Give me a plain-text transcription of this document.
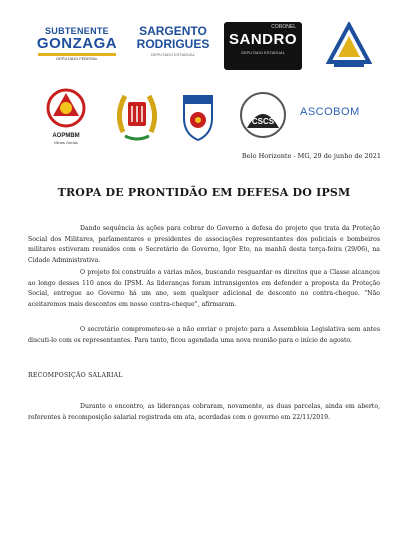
SUBTENENTE
GONZAGA
DEPUTADO FEDERAL
SARGENTO
RODRIGUES
DEPUTADO ESTADUAL
CORONEL
SANDRO
DEPUTADO ESTADUAL
AOPMBM
Minas Gerais
CSCS
ASCOBOM
Belo Horizonte - MG, 29 de junho de 2021
TROPA DE PRONTIDÃO EM DEFESA DO IPSM

Dando sequência às ações para cobrar do Governo a defesa do projeto que trata da Proteção Social dos Militares, parlamentares e presidentes de associações representantes dos policiais e bombeiros militares estiveram reunidos com o Secretário de Governo, Igor Eto, na manhã desta terça-feira (29/06), na Cidade Administrativa.

O projeto foi construído a várias mãos, buscando resguardar os direitos que a Classe alcançou ao longo desses 110 anos do IPSM. As lideranças foram intransigentes em defender a proposta da Proteção Social, entregue ao Governo há um ano, sem qualquer adicional de desconto no contra-cheque. "Não aceitaremos mais descontos em nosso contra-cheque", afirmaram.

O secretário comprometeu-se a não enviar o projeto para a Assembleia Legislativa sem antes discuti-lo com os representantes. Para tanto, ficou agendada uma nova reunião para o início de agosto.

RECOMPOSIÇÃO SALARIAL

Durante o encontro, as lideranças cobraram, novamente, as duas parcelas, ainda em aberto, referentes à recomposição salarial registrada em ata, acordadas com o governo em 22/11/2019.
